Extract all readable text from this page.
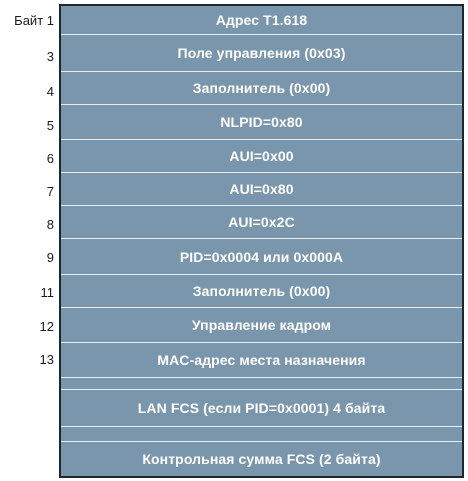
Байт 1
3
4
5
6
7
8
9
11
12
13
Адрес T1.618
Поле управления (0x03)
Заполнитель (0x00)
NLPID=0x80
AUI=0x00
AUI=0x80
AUI=0x2C
PID=0x0004 или 0x000A
Заполнитель (0x00)
Управление кадром
MAC-адрес места назначения
LAN FCS (если PID=0x0001) 4 байта
Контрольная сумма FCS (2 байта)
